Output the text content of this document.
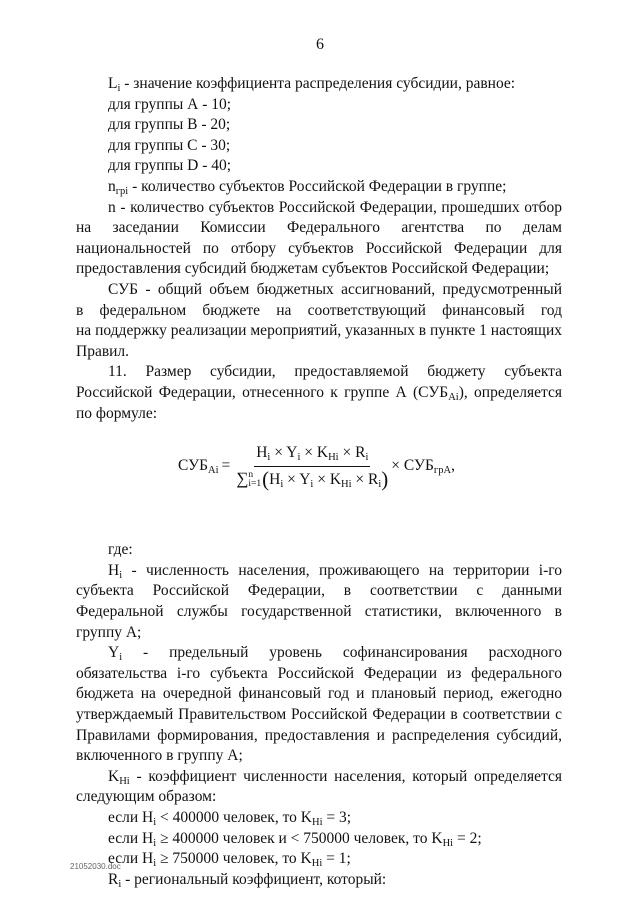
6

$L_i$ - значение коэффициента распределения субсидии, равное:

для группы А - 10;

для группы B - 20;

для группы C - 30;

для группы D - 40;

$n_{грi}$ - количество субъектов Российской Федерации в группе;

n - количество субъектов Российской Федерации, прошедших отбор на заседании Комиссии Федерального агентства по делам национальностей по отбору субъектов Российской Федерации для предоставления субсидий бюджетам субъектов Российской Федерации;

СУБ - общий объем бюджетных ассигнований, предусмотренный

в федеральном бюджете на соответствующий финансовый год

на поддержку реализации мероприятий, указанных в пункте 1 настоящих Правил.

11. Размер субсидии, предоставляемой бюджету субъекта

Российской Федерации, отнесенного к группе А $(СУБ_{Ai})$, определяется

по формуле:

$СУБ_{Ai} = H_i \times Y_i \times K_{Hi} \times R_i$
∑ n
i=1 $(H_i \times Y_i \times K_{Hi} \times R_i) \times СУБ_{грА}$,

где:

$H_i$ - численность населения, проживающего на территории i-го субъекта Российской Федерации, в соответствии с данными Федеральной службы государственной статистики, включенного в группу А;

$Y_i$ - предельный уровень софинансирования расходного обязательства i-го субъекта Российской Федерации из федерального бюджета на очередной финансовый год и плановый период, ежегодно утверждаемый Правительством Российской Федерации в соответствии с Правилами формирования, предоставления и распределения субсидий, включенного в группу А;

$K_{Hi}$ - коэффициент численности населения, который определяется следующим образом:

если $H_i < 400000$ человек, то $K_{Hi} = 3$;

если $H_i \ge 400000$ человек и < 750000 человек, то $K_{Hi} = 2$;

если $H_i \ge 750000$ человек, то $K_{Hi} = 1$;

$R_i$ - региональный коэффициент, который:

21052030.doc
